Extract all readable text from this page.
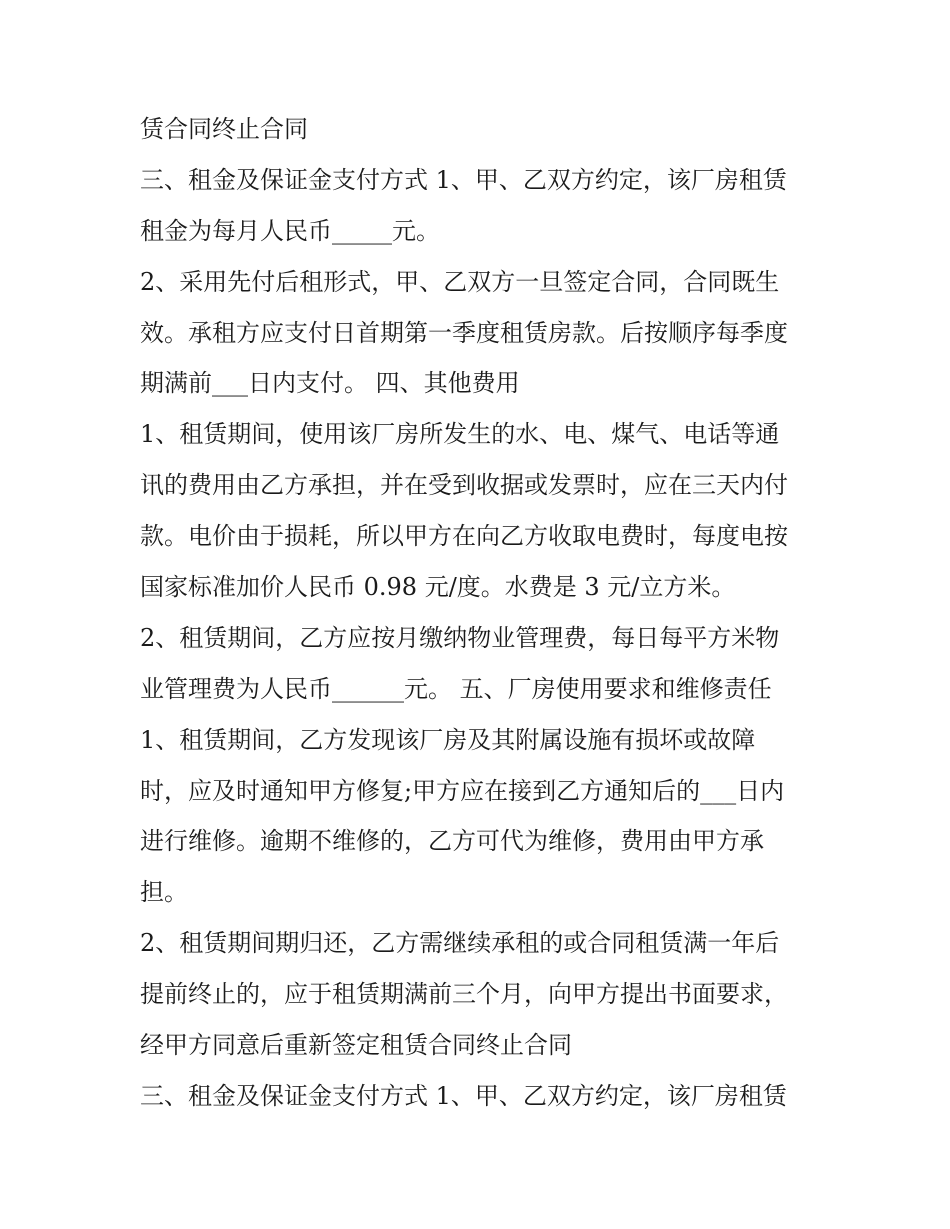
赁合同终止合同
三、租金及保证金支付方式 1、甲、乙双方约定，该厂房租赁
租金为每月人民币_____元。
2、采用先付后租形式，甲、乙双方一旦签定合同，合同既生
效。承租方应支付日首期第一季度租赁房款。后按顺序每季度
期满前___日内支付。 四、其他费用
1、租赁期间，使用该厂房所发生的水、电、煤气、电话等通
讯的费用由乙方承担，并在受到收据或发票时，应在三天内付
款。电价由于损耗，所以甲方在向乙方收取电费时，每度电按
国家标准加价人民币 0.98 元/度。水费是 3 元/立方米。
2、租赁期间，乙方应按月缴纳物业管理费，每日每平方米物
业管理费为人民币______元。 五、厂房使用要求和维修责任
1、租赁期间，乙方发现该厂房及其附属设施有损坏或故障
时，应及时通知甲方修复;甲方应在接到乙方通知后的___日内
进行维修。逾期不维修的，乙方可代为维修，费用由甲方承
担。
2、租赁期间期归还，乙方需继续承租的或合同租赁满一年后
提前终止的，应于租赁期满前三个月，向甲方提出书面要求，
经甲方同意后重新签定租赁合同终止合同
三、租金及保证金支付方式 1、甲、乙双方约定，该厂房租赁
